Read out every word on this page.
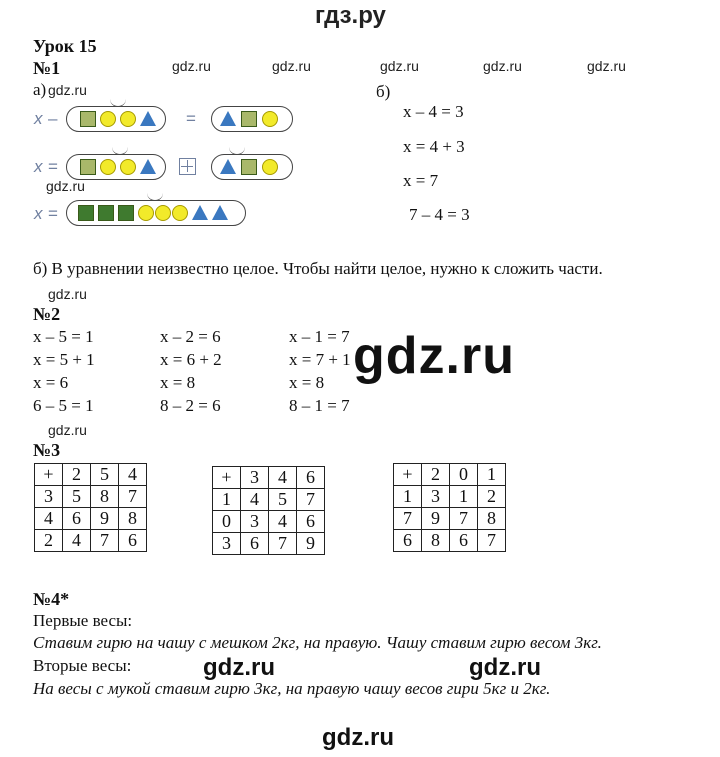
гдз.ру
Урок 15
gdz.ru	gdz.ru	gdz.ru	gdz.ru	gdz.ru
№1
а) gdz.ru
x –	=
x =
gdz.ru
x =
б)
x – 4 = 3
x = 4 + 3
x = 7
7 – 4 = 3
б) В уравнении неизвестно целое. Чтобы найти целое, нужно к сложить части.
gdz.ru
№2
x – 5 = 1
x = 5 + 1
x = 6
6 – 5 = 1
x – 2 = 6
x = 6 + 2
x = 8
8 – 2 = 6
x – 1 = 7
x = 7 + 1
x = 8
8 – 1 = 7
gdz.ru
gdz.ru
№3
+	2	5	4
3	5	8	7
4	6	9	8
2	4	7	6
+	3	4	6
1	4	5	7
0	3	4	6
3	6	7	9
+	2	0	1
1	3	1	2
7	9	7	8
6	8	6	7
№4*
Первые весы:
Ставим гирю на чашу с мешком 2кг, на правую. Чашу ставим гирю весом 3кг.
Вторые весы:	gdz.ru	gdz.ru
На весы с мукой ставим гирю 3кг, на правую чашу весов гири 5кг и 2кг.
gdz.ru
